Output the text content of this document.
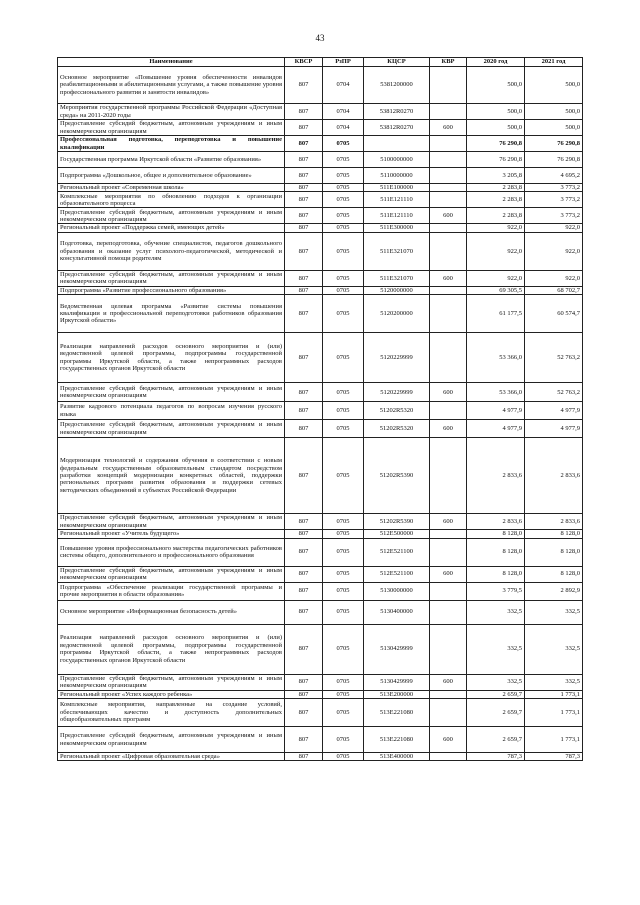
43
Наименование	КВСР	РзПР	КЦСР	КВР	2020 год	2021 год
Основное мероприятие «Повышение уровня обеспеченности инвалидов реабилитационными и абилитационными услугами, а также повышение уровня профессионального развития и занятости инвалидов»	807	0704	5381200000		500,0	500,0
Мероприятия государственной программы Российской Федерации «Доступная среда» на 2011-2020 годы	807	0704	53812R0270		500,0	500,0
Предоставление субсидий бюджетным, автономным учреждениям и иным некоммерческим организациям	807	0704	53812R0270	600	500,0	500,0
Профессиональная подготовка, переподготовка и повышение квалификации	807	0705			76 290,8	76 290,8
Государственная программа Иркутской области «Развитие образования»	807	0705	5100000000		76 290,8	76 290,8
Подпрограмма «Дошкольное, общее и дополнительное образование»	807	0705	5110000000		3 205,8	4 695,2
Региональный проект «Современная школа»	807	0705	511E100000		2 283,8	3 773,2
Комплексные мероприятия по обновлению подходов к организации образовательного процесса	807	0705	511E121110		2 283,8	3 773,2
Предоставление субсидий бюджетным, автономным учреждениям и иным некоммерческим организациям	807	0705	511E121110	600	2 283,8	3 773,2
Региональный проект «Поддержка семей, имеющих детей»	807	0705	511E300000		922,0	922,0
Подготовка, переподготовка, обучение специалистов, педагогов дошкольного образования и оказание услуг психолого-педагогической, методической и консультативной помощи родителям	807	0705	511E321070		922,0	922,0
Предоставление субсидий бюджетным, автономным учреждениям и иным некоммерческим организациям	807	0705	511E321070	600	922,0	922,0
Подпрограмма «Развитие профессионального образования»	807	0705	5120000000		69 305,5	68 702,7
Ведомственная целевая программа «Развитие системы повышения квалификации и профессиональной переподготовки работников образования Иркутской области»	807	0705	5120200000		61 177,5	60 574,7
Реализация направлений расходов основного мероприятия и (или) ведомственной целевой программы, подпрограммы государственной программы Иркутской области, а также непрограммных расходов государственных органов Иркутской области	807	0705	5120229999		53 366,0	52 763,2
Предоставление субсидий бюджетным, автономным учреждениям и иным некоммерческим организациям	807	0705	5120229999	600	53 366,0	52 763,2
Развитие кадрового потенциала педагогов по вопросам изучения русского языка	807	0705	51202R5320		4 977,9	4 977,9
Предоставление субсидий бюджетным, автономным учреждениям и иным некоммерческим организациям	807	0705	51202R5320	600	4 977,9	4 977,9
Модернизация технологий и содержания обучения в соответствии с новым федеральным государственным образовательным стандартом посредством разработки концепций модернизации конкретных областей, поддержки региональных программ развития образования и поддержки сетевых методических объединений в субъектах Российской Федерации	807	0705	51202R5390		2 833,6	2 833,6
Предоставление субсидий бюджетным, автономным учреждениям и иным некоммерческим организациям	807	0705	51202R5390	600	2 833,6	2 833,6
Региональный проект «Учитель будущего»	807	0705	512E500000		8 128,0	8 128,0
Повышение уровня профессионального мастерства педагогических работников системы общего, дополнительного и профессионального образования	807	0705	512E521100		8 128,0	8 128,0
Предоставление субсидий бюджетным, автономным учреждениям и иным некоммерческим организациям	807	0705	512E521100	600	8 128,0	8 128,0
Подпрограмма «Обеспечение реализации государственной программы и прочие мероприятия в области образования»	807	0705	5130000000		3 779,5	2 892,9
Основное мероприятие «Информационная безопасность детей»	807	0705	5130400000		332,5	332,5
Реализация направлений расходов основного мероприятия и (или) ведомственной целевой программы, подпрограммы государственной программы Иркутской области, а также непрограммных расходов государственных органов Иркутской области	807	0705	5130429999		332,5	332,5
Предоставление субсидий бюджетным, автономным учреждениям и иным некоммерческим организациям	807	0705	5130429999	600	332,5	332,5
Региональный проект «Успех каждого ребенка»	807	0705	513E200000		2 659,7	1 773,1
Комплексные мероприятия, направленные на создание условий, обеспечивающих качество и доступность дополнительных общеобразовательных программ	807	0705	513E221080		2 659,7	1 773,1
Предоставление субсидий бюджетным, автономным учреждениям и иным некоммерческим организациям	807	0705	513E221080	600	2 659,7	1 773,1
Региональный проект «Цифровая образовательная среда»	807	0705	513E400000		787,3	787,3
